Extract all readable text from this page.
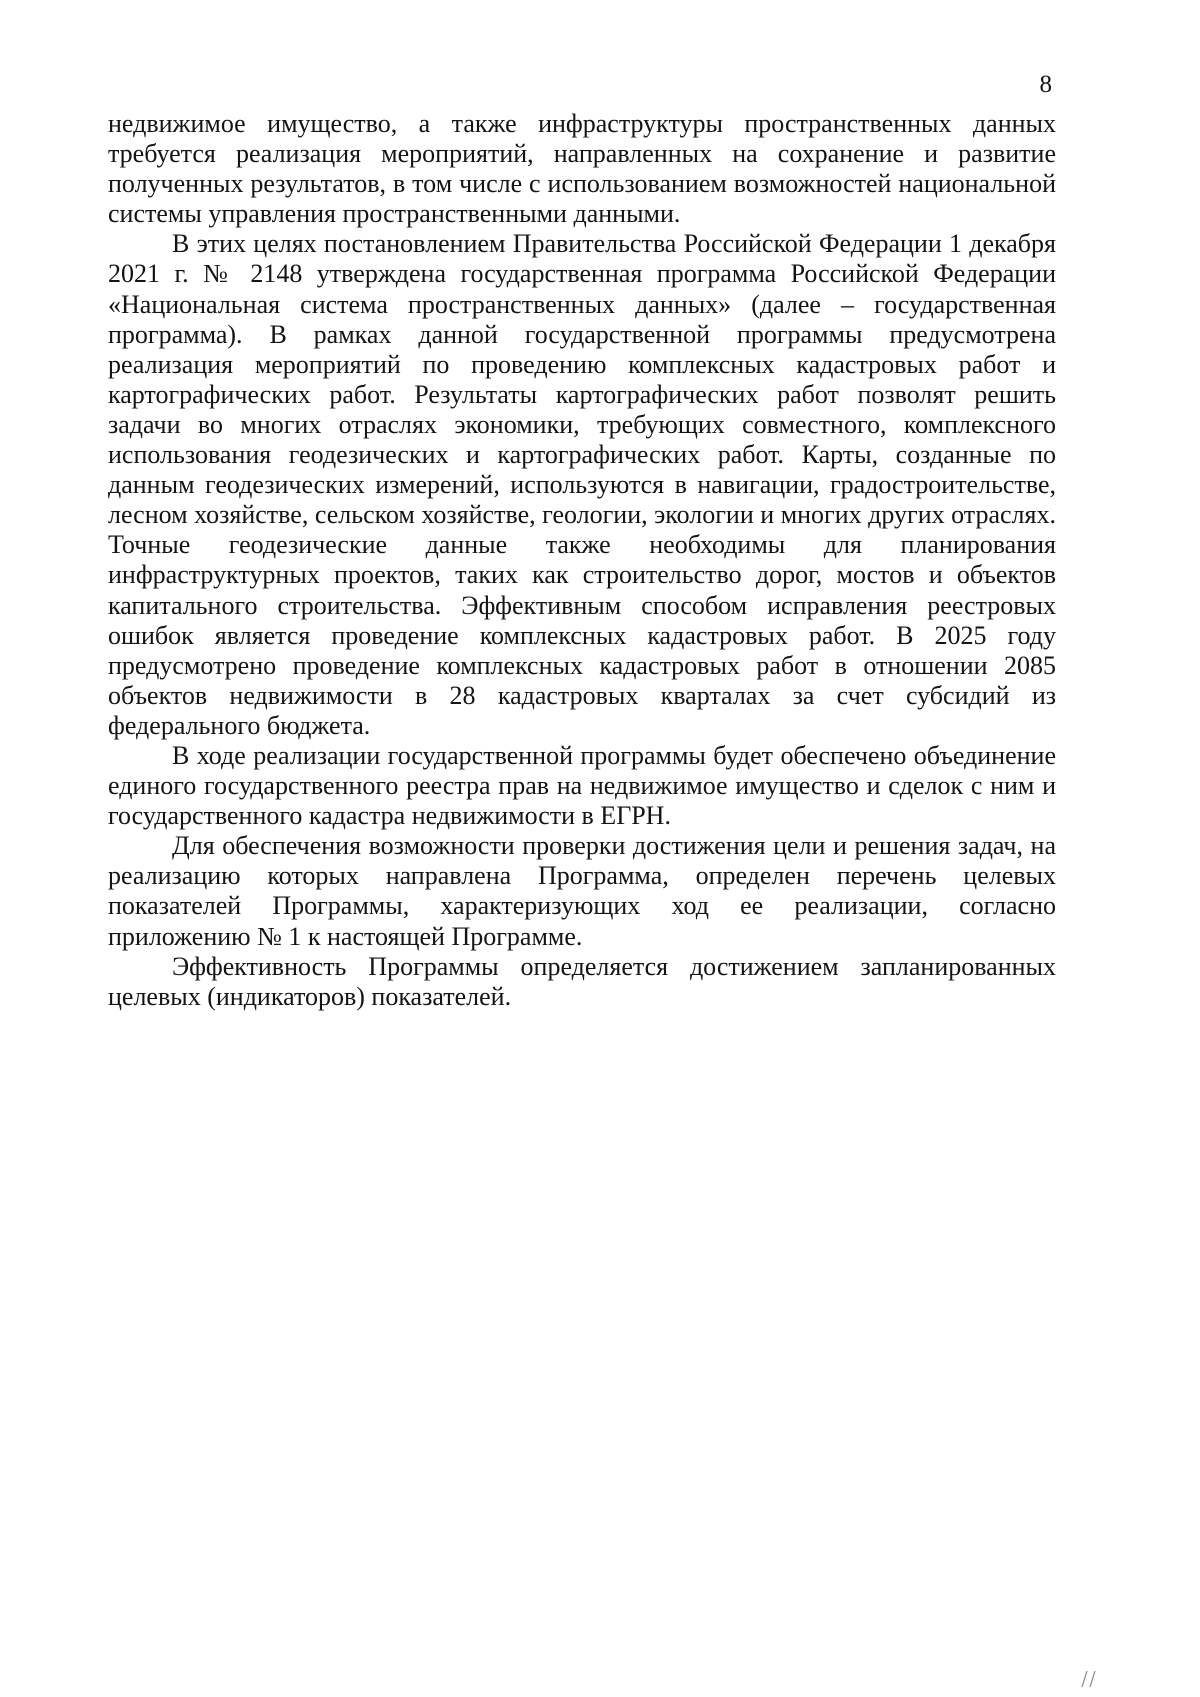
8

недвижимое имущество, а также инфраструктуры пространственных данных требуется реализация мероприятий, направленных на сохранение и развитие полученных результатов, в том числе с использованием возможностей национальной системы управления пространственными данными.

В этих целях постановлением Правительства Российской Федерации 1 декабря 2021 г. № 2148 утверждена государственная программа Российской Федерации «Национальная система пространственных данных» (далее – государственная программа). В рамках данной государственной программы предусмотрена реализация мероприятий по проведению комплексных кадастровых работ и картографических работ. Результаты картографических работ позволят решить задачи во многих отраслях экономики, требующих совместного, комплексного использования геодезических и картографических работ. Карты, созданные по данным геодезических измерений, используются в навигации, градостроительстве, лесном хозяйстве, сельском хозяйстве, геологии, экологии и многих других отраслях. Точные геодезические данные также необходимы для планирования инфраструктурных проектов, таких как строительство дорог, мостов и объектов капитального строительства. Эффективным способом исправления реестровых ошибок является проведение комплексных кадастровых работ. В 2025 году предусмотрено проведение комплексных кадастровых работ в отношении 2085 объектов недвижимости в 28 кадастровых кварталах за счет субсидий из федерального бюджета.

В ходе реализации государственной программы будет обеспечено объединение единого государственного реестра прав на недвижимое имущество и сделок с ним и государственного кадастра недвижимости в ЕГРН.

Для обеспечения возможности проверки достижения цели и решения задач, на реализацию которых направлена Программа, определен перечень целевых показателей Программы, характеризующих ход ее реализации, согласно приложению № 1 к настоящей Программе.

Эффективность Программы определяется достижением запланированных целевых (индикаторов) показателей.
